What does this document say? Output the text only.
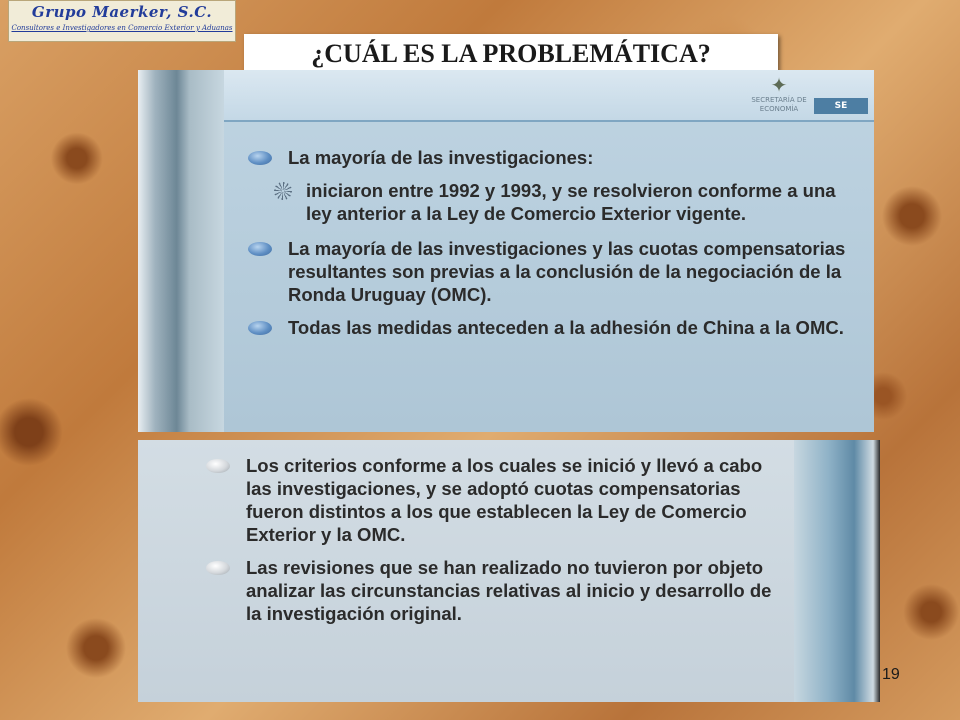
Grupo Maerker, S.C.
Consultores e Investigadores en Comercio Exterior y Aduanas
¿CUÁL ES LA PROBLEMÁTICA?
✦
SECRETARÍA DE ECONOMÍA	SE

La mayoría de las investigaciones:

iniciaron entre 1992 y 1993, y se resolvieron conforme a una ley anterior a la Ley de Comercio Exterior vigente.

La mayoría de las investigaciones y las cuotas compensatorias resultantes son previas a la conclusión de la negociación de la Ronda Uruguay (OMC).

Todas las medidas anteceden a la adhesión de China a la OMC.

Los criterios conforme a los cuales se inició y llevó a cabo las investigaciones, y se adoptó cuotas compensatorias fueron distintos a los que establecen la Ley de Comercio Exterior y la OMC.

Las revisiones que se han realizado no tuvieron por objeto analizar las circunstancias relativas al inicio y desarrollo de la investigación original.

19
